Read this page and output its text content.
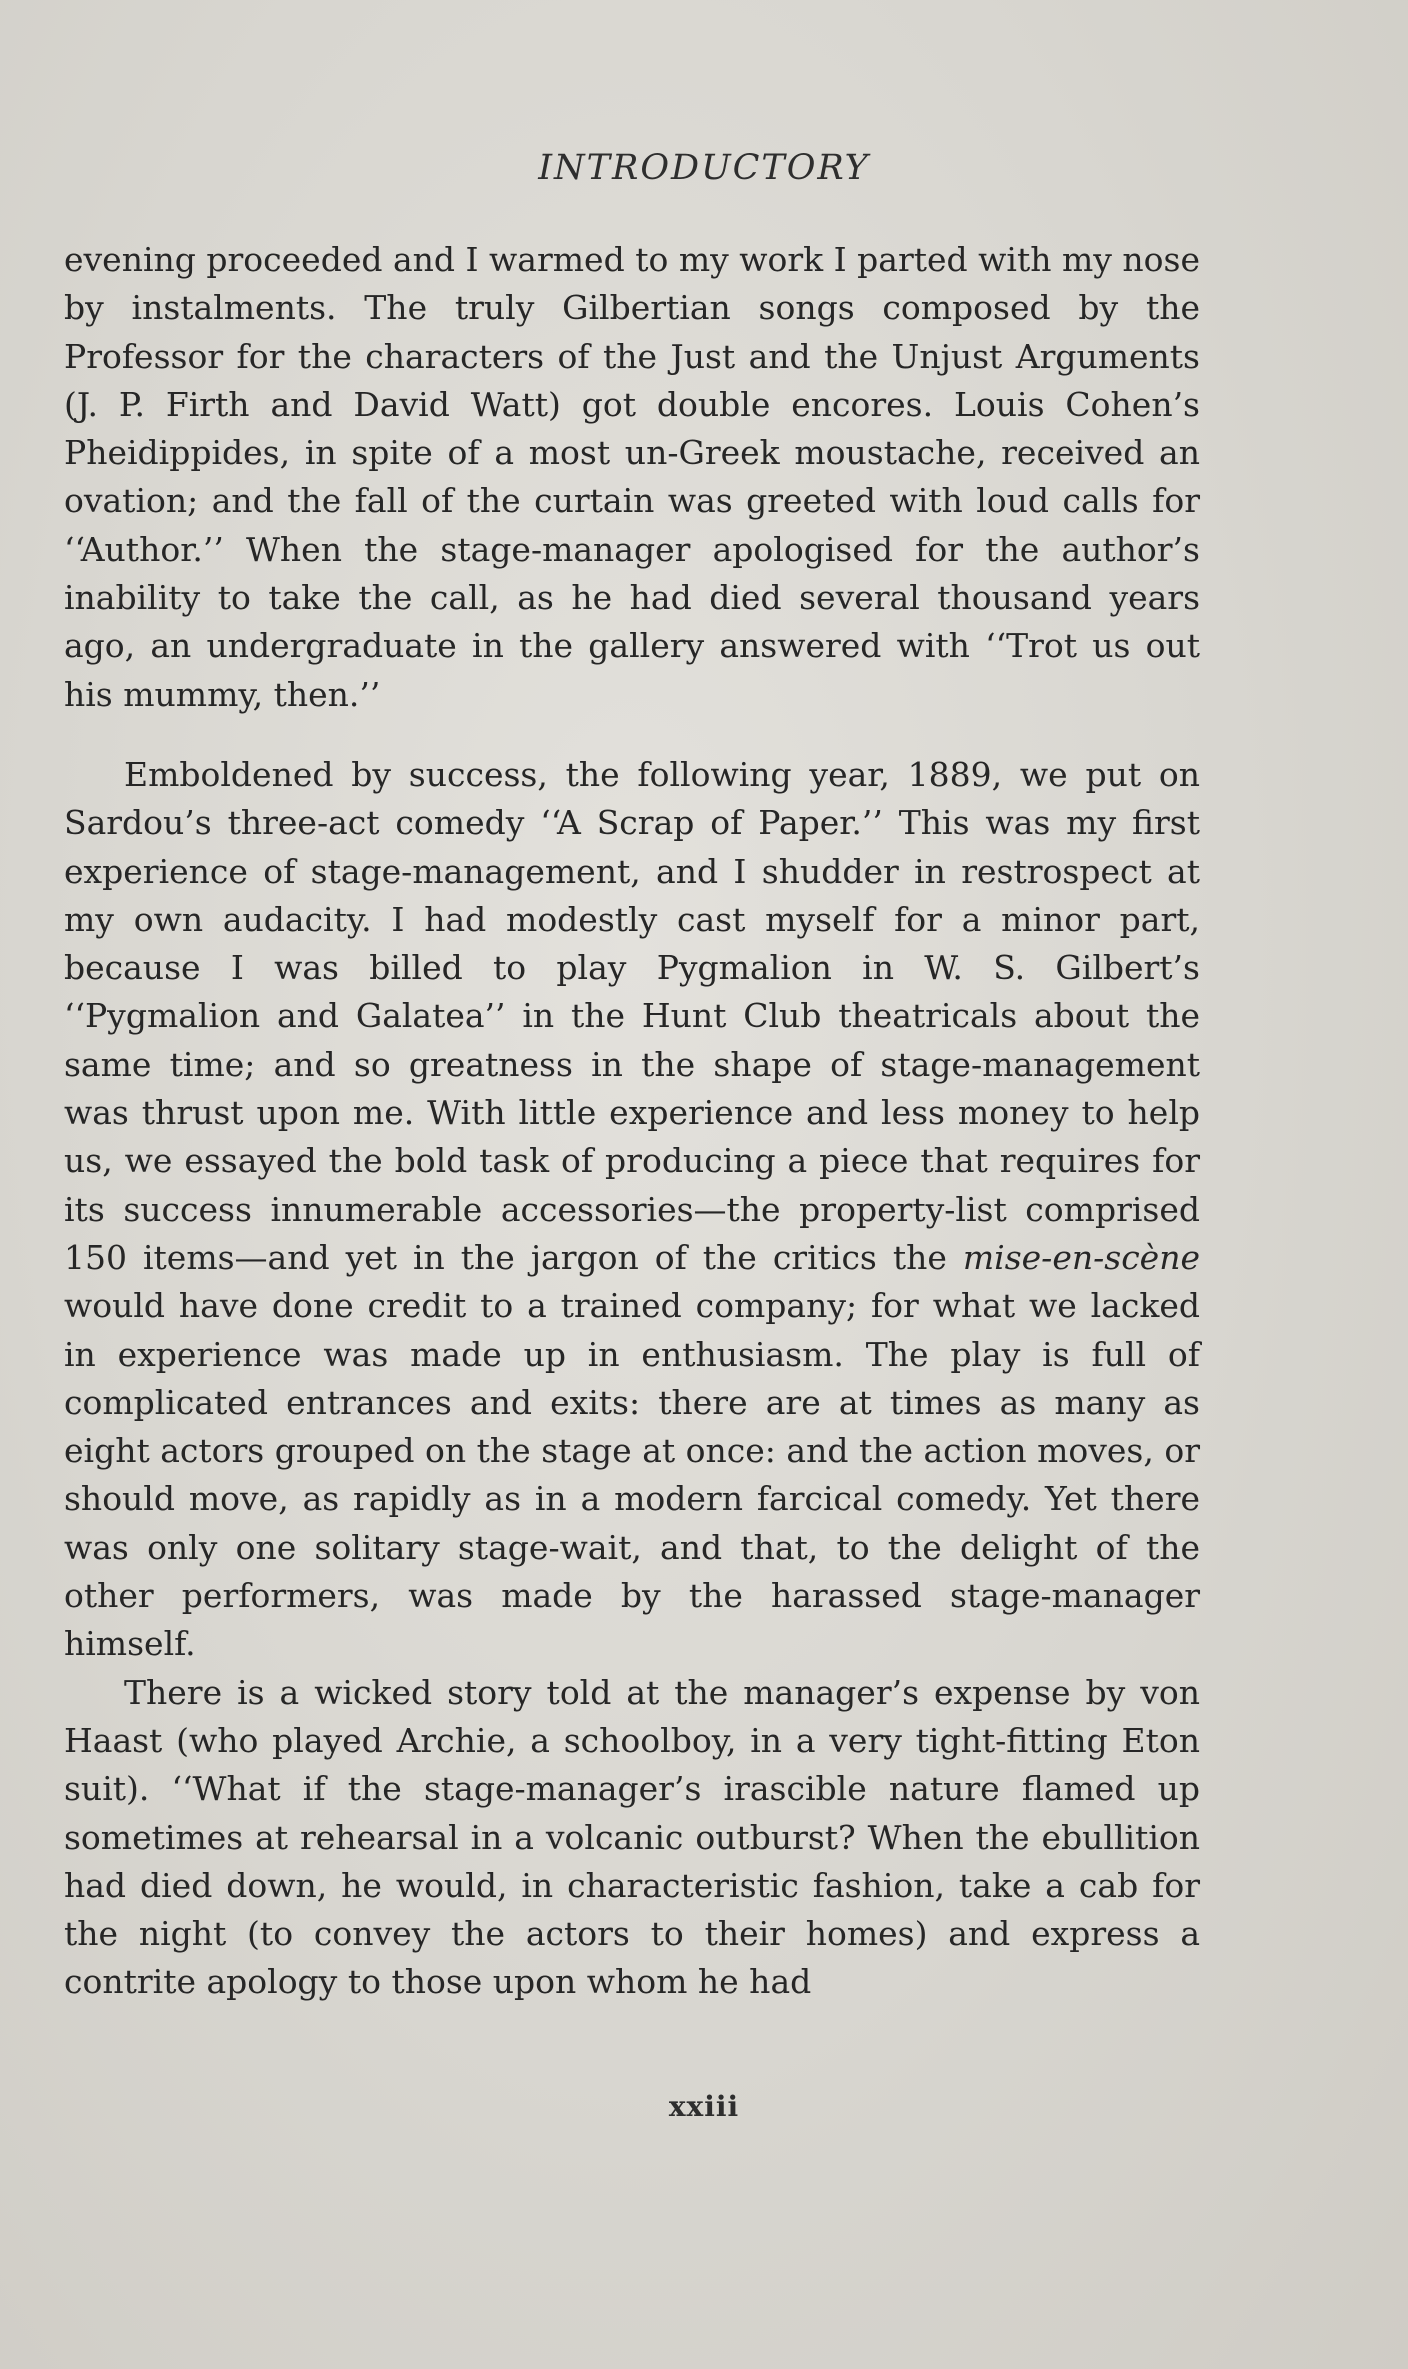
INTRODUCTORY

evening proceeded and I warmed to my work I parted with my nose by instalments. The truly Gilbertian songs composed by the Professor for the characters of the Just and the Unjust Arguments (J. P. Firth and David Watt) got double encores. Louis Cohen’s Pheidippides, in spite of a most un-Greek moustache, received an ovation; and the fall of the curtain was greeted with loud calls for ‘‘Author.’’ When the stage-manager apologised for the author’s inability to take the call, as he had died several thousand years ago, an undergraduate in the gallery answered with ‘‘Trot us out his mummy, then.’’

Emboldened by success, the following year, 1889, we put on Sardou’s three-act comedy ‘‘A Scrap of Paper.’’ This was my first experience of stage-management, and I shudder in restrospect at my own audacity. I had modestly cast myself for a minor part, because I was billed to play Pygmalion in W. S. Gilbert’s ‘‘Pygmalion and Galatea’’ in the Hunt Club theatricals about the same time; and so greatness in the shape of stage-management was thrust upon me. With little experience and less money to help us, we essayed the bold task of producing a piece that requires for its success innumerable accessories—the property-list comprised 150 items—and yet in the jargon of the critics the mise-en-scène would have done credit to a trained company; for what we lacked in experience was made up in enthusiasm. The play is full of complicated entrances and exits: there are at times as many as eight actors grouped on the stage at once: and the action moves, or should move, as rapidly as in a modern farcical comedy. Yet there was only one solitary stage-wait, and that, to the delight of the other performers, was made by the harassed stage-manager himself.

There is a wicked story told at the manager’s expense by von Haast (who played Archie, a schoolboy, in a very tight-fitting Eton suit). ‘‘What if the stage-manager’s irascible nature flamed up sometimes at rehearsal in a volcanic outburst? When the ebullition had died down, he would, in characteristic fashion, take a cab for the night (to convey the actors to their homes) and express a contrite apology to those upon whom he had

xxiii
